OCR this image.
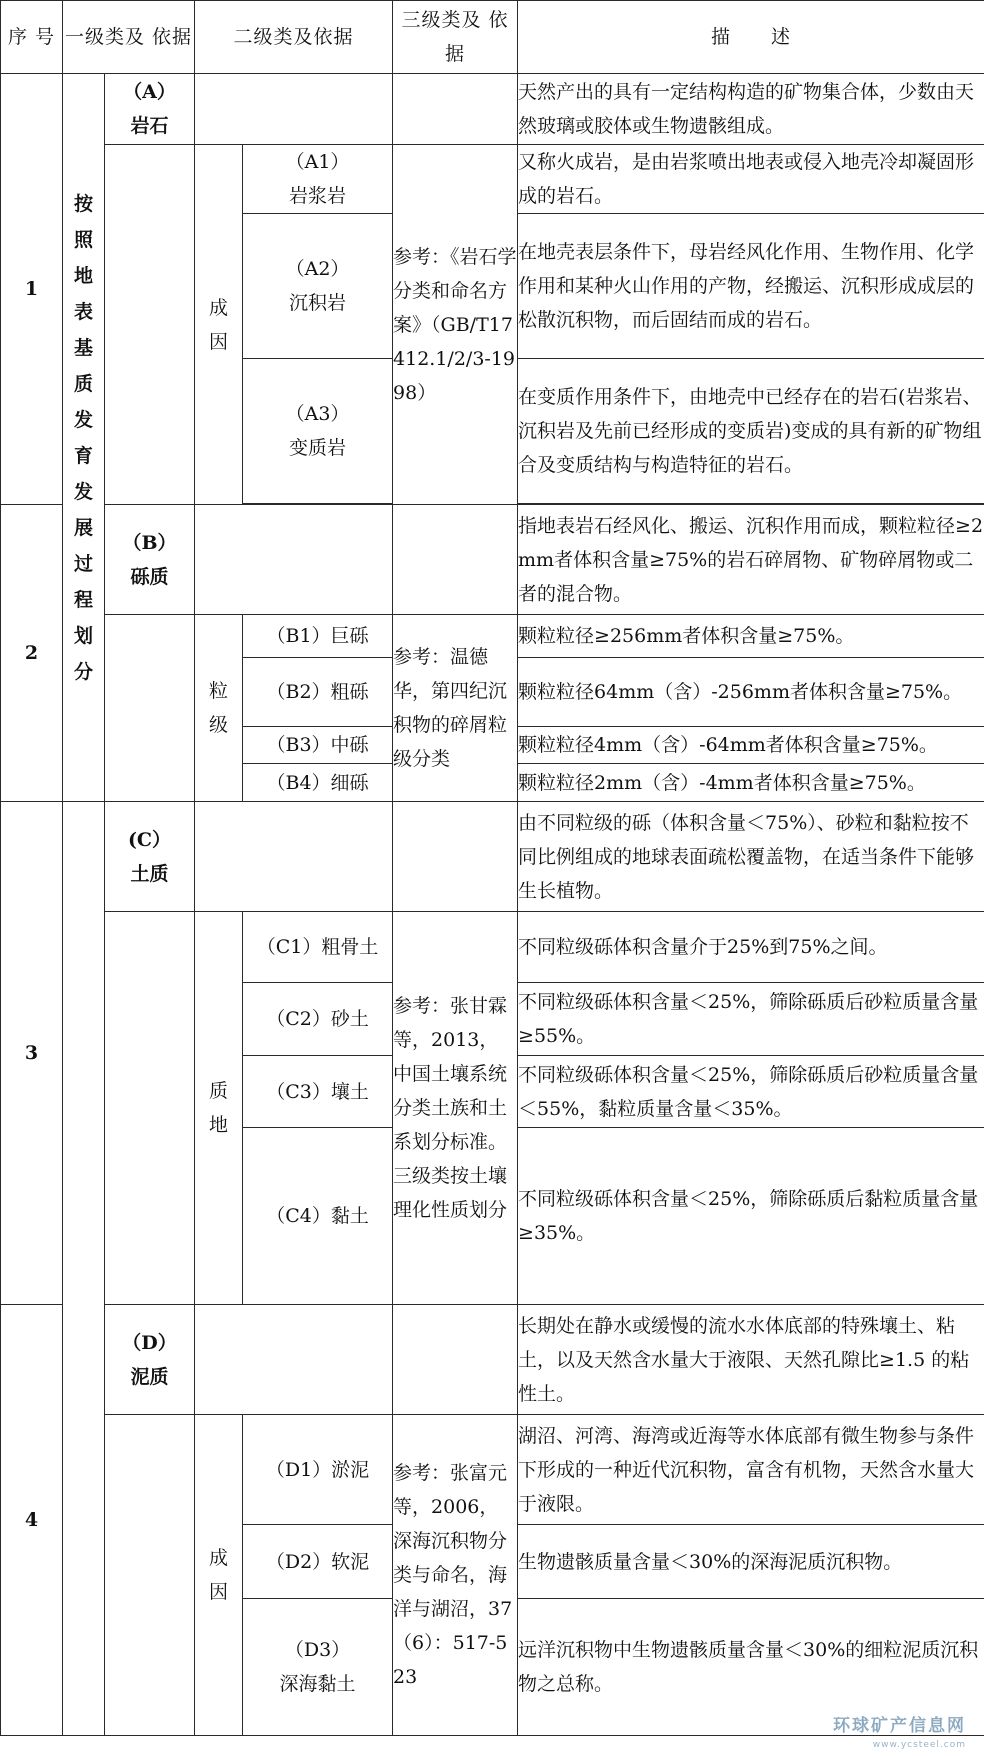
序 号	一级类及 依据		二级类及依据		三级类及 依据	描　　述
1	按照地表基质发育发展过程划分	（A）
岩石				天然产出的具有一定结构构造的矿物集合体，少数由天然玻璃或胶体或生物遗骸组成。
			成因	（A1）
岩浆岩	参考：《岩石学分类和命名方案》（GB/T17412.1/2/3-1998）	又称火成岩，是由岩浆喷出地表或侵入地壳冷却凝固形成的岩石。

				（A2）
沉积岩		在地壳表层条件下，母岩经风化作用、生物作用、化学作用和某种火山作用的产物，经搬运、沉积形成成层的松散沉积物，而后固结而成的岩石。

				（A3）
变质岩		在变质作用条件下，由地壳中已经存在的岩石(岩浆岩、沉积岩及先前已经形成的变质岩)变成的具有新的矿物组合及变质结构与构造特征的岩石。

2		（B）
砾质				指地表岩石经风化、搬运、沉积作用而成，颗粒粒径≥2mm者体积含量≥75%的岩石碎屑物、矿物碎屑物或二者的混合物。
			粒级	（B1）巨砾	参考：温德华，第四纪沉积物的碎屑粒级分类	颗粒粒径≥256mm者体积含量≥75%。
				（B2）粗砾		颗粒粒径64mm（含）-256mm者体积含量≥75%。
				（B3）中砾		颗粒粒径4mm（含）-64mm者体积含量≥75%。
				（B4）细砾		颗粒粒径2mm（含）-4mm者体积含量≥75%。
3		(C）
土质				由不同粒级的砾（体积含量＜75%）、砂粒和黏粒按不同比例组成的地球表面疏松覆盖物，在适当条件下能够生长植物。
			质地	（C1）粗骨土	参考：张甘霖等，2013，中国土壤系统分类土族和土系划分标准。三级类按土壤理化性质划分	不同粒级砾体积含量介于25%到75%之间。
				（C2）砂土		不同粒级砾体积含量＜25%，筛除砾质后砂粒质量含量≥55%。
				（C3）壤土		不同粒级砾体积含量＜25%，筛除砾质后砂粒质量含量＜55%，黏粒质量含量＜35%。
				（C4）黏土		不同粒级砾体积含量＜25%，筛除砾质后黏粒质量含量≥35%。
4		（D）
泥质				长期处在静水或缓慢的流水水体底部的特殊壤土、粘土，以及天然含水量大于液限、天然孔隙比≥1.5 的粘性土。
			成因	（D1）淤泥	参考：张富元等，2006，深海沉积物分类与命名，海洋与湖沼，37（6）：517-523	湖沼、河湾、海湾或近海等水体底部有微生物参与条件下形成的一种近代沉积物，富含有机物，天然含水量大于液限。
				（D2）软泥		生物遗骸质量含量＜30%的深海泥质沉积物。

				（D3）
深海黏土		远洋沉积物中生物遗骸质量含量＜30%的细粒泥质沉积物之总称。
环球矿产信息网
www.ycsteel.com
